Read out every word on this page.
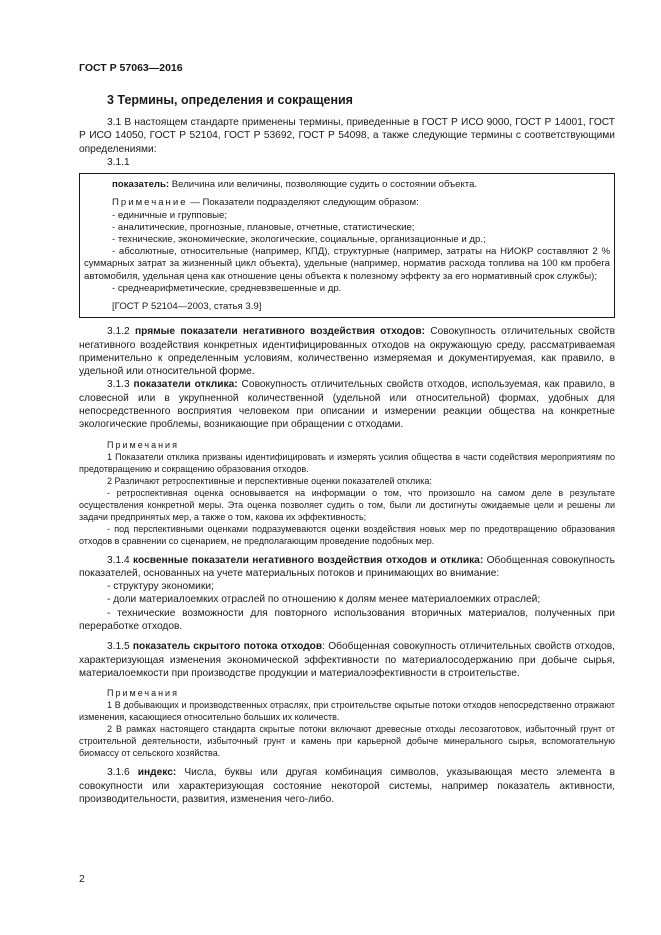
ГОСТ Р 57063—2016
3 Термины, определения и сокращения

3.1 В настоящем стандарте применены термины, приведенные в ГОСТ Р ИСО 9000, ГОСТ Р 14001, ГОСТ Р ИСО 14050, ГОСТ Р 52104, ГОСТ Р 53692, ГОСТ Р 54098, а также следующие термины с соответствующими определениями:

3.1.1

показатель: Величина или величины, позволяющие судить о состоянии объекта.

Примечание — Показатели подразделяют следующим образом:

- единичные и групповые;

- аналитические, прогнозные, плановые, отчетные, статистические;

- технические, экономические, экологические, социальные, организационные и др.;

- абсолютные, относительные (например, КПД), структурные (например, затраты на НИОКР составляют 2 % суммарных затрат за жизненный цикл объекта), удельные (например, норматив расхода топлива на 100 км пробега автомобиля, удельная цена как отношение цены объекта к полезному эффекту за его нормативный срок службы);

- среднеарифметические, средневзвешенные и др.

[ГОСТ Р 52104—2003, статья 3.9]

3.1.2 прямые показатели негативного воздействия отходов: Совокупность отличительных свойств негативного воздействия конкретных идентифицированных отходов на окружающую среду, рассматриваемая применительно к определенным условиям, количественно измеряемая и документируемая, как правило, в удельной или относительной форме.

3.1.3 показатели отклика: Совокупность отличительных свойств отходов, используемая, как правило, в словесной или в укрупненной количественной (удельной или относительной) формах, удобных для непосредственного восприятия человеком при описании и измерении реакции общества на конкретные экологические проблемы, возникающие при обращении с отходами.

Примечания

1 Показатели отклика призваны идентифицировать и измерять усилия общества в части содействия мероприятиям по предотвращению и сокращению образования отходов.

2 Различают ретроспективные и перспективные оценки показателей отклика:

- ретроспективная оценка основывается на информации о том, что произошло на самом деле в результате осуществления конкретной меры. Эта оценка позволяет судить о том, были ли достигнуты ожидаемые цели и решены ли задачи предпринятых мер, а также о том, какова их эффективность;

- под перспективными оценками подразумеваются оценки воздействия новых мер по предотвращению образования отходов в сравнении со сценарием, не предполагающим проведение подобных мер.

3.1.4 косвенные показатели негативного воздействия отходов и отклика: Обобщенная совокупность показателей, основанных на учете материальных потоков и принимающих во внимание:

- структуру экономики;

- доли материалоемких отраслей по отношению к долям менее материалоемких отраслей;

- технические возможности для повторного использования вторичных материалов, полученных при переработке отходов.

3.1.5 показатель скрытого потока отходов: Обобщенная совокупность отличительных свойств отходов, характеризующая изменения экономической эффективности по материалосодержанию при добыче сырья, материалоемкости при производстве продукции и материалоэфективности в строительстве.

Примечания

1 В добывающих и производственных отраслях, при строительстве скрытые потоки отходов непосредственно отражают изменения, касающиеся относительно больших их количеств.

2 В рамках настоящего стандарта скрытые потоки включают древесные отходы лесозаготовок, избыточный грунт от строительной деятельности, избыточный грунт и камень при карьерной добыче минерального сырья, вспомогательную биомассу от сельского хозяйства.

3.1.6 индекс: Числа, буквы или другая комбинация символов, указывающая место элемента в совокупности или характеризующая состояние некоторой системы, например показатель активности, производительности, развития, изменения чего-либо.

2
